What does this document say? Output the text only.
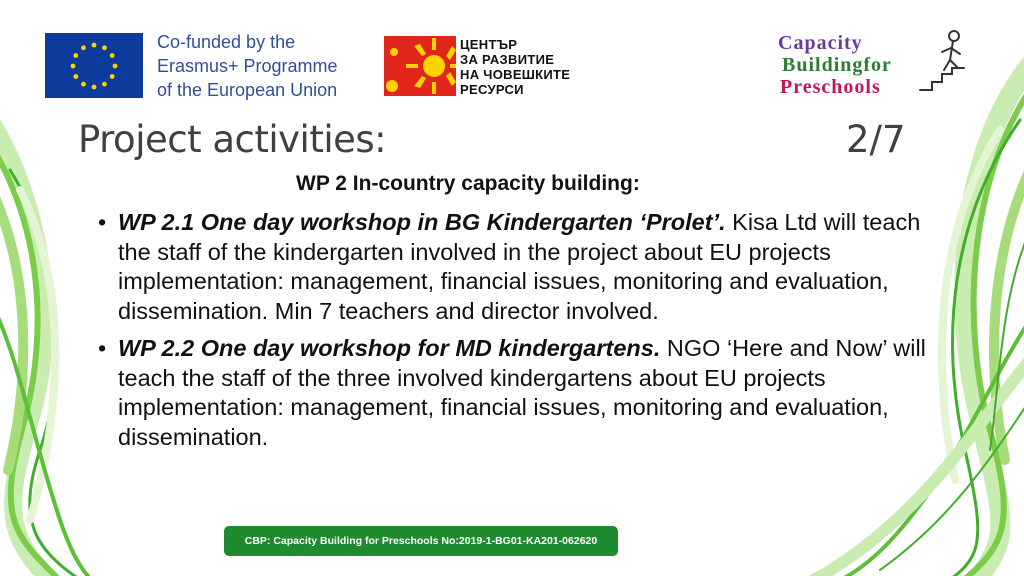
Co-funded by the
Erasmus+ Programme
of the European Union
ЦЕНТЪР
ЗА РАЗВИТИЕ
НА ЧОВЕШКИТЕ
РЕСУРСИ
Capacity
Buildingfor
Preschools
Project activities:	2/7
WP 2 In-country capacity building:
• WP 2.1 One day workshop in BG Kindergarten ‘Prolet’. Kisa Ltd will teach the staff of the kindergarten involved in the project about EU projects implementation: management, financial issues, monitoring and evaluation, dissemination. Min 7 teachers and director involved.
• WP 2.2 One day workshop for MD kindergartens. NGO ‘Here and Now’ will teach the staff of the three involved kindergartens about EU projects implementation: management, financial issues, monitoring and evaluation, dissemination.
CBP: Capacity Building for Preschools No:2019-1-BG01-KA201-062620
